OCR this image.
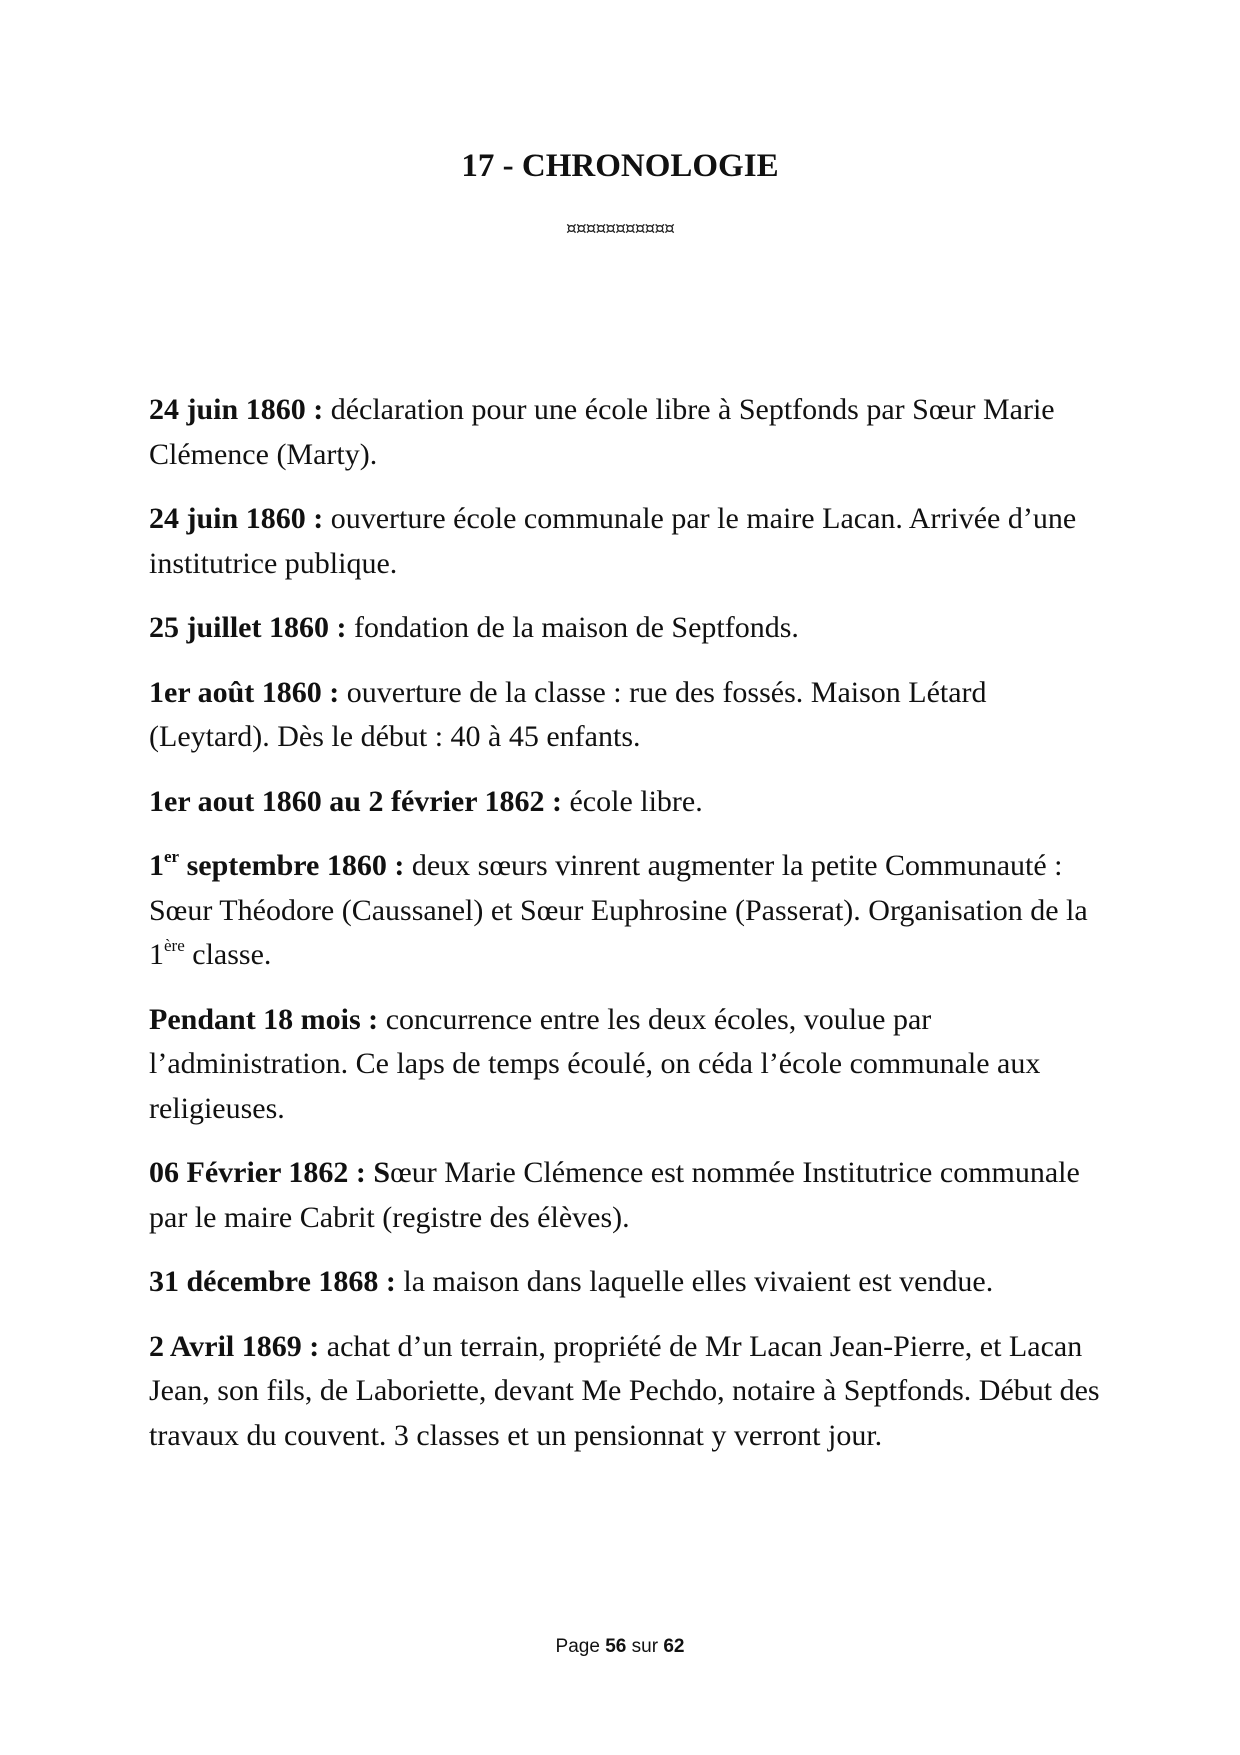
17 - CHRONOLOGIE
¤¤¤¤¤¤¤¤¤¤¤

24 juin 1860 : déclaration pour une école libre à Septfonds par Sœur Marie Clémence (Marty).

24 juin 1860 : ouverture école communale par le maire Lacan. Arrivée d’une institutrice publique.

25 juillet 1860 : fondation de la maison de Septfonds.

1er août 1860 : ouverture de la classe : rue des fossés. Maison Létard (Leytard). Dès le début : 40 à 45 enfants.

1er aout 1860 au 2 février 1862 : école libre.

1er septembre 1860 : deux sœurs vinrent augmenter la petite Communauté : Sœur Théodore (Caussanel) et Sœur Euphrosine (Passerat). Organisation de la 1ère classe.

Pendant 18 mois : concurrence entre les deux écoles, voulue par l’administration. Ce laps de temps écoulé, on céda l’école communale aux religieuses.

06 Février 1862 : Sœur Marie Clémence est nommée Institutrice communale par le maire Cabrit (registre des élèves).

31 décembre 1868 : la maison dans laquelle elles vivaient est vendue.

2 Avril 1869 : achat d’un terrain, propriété de Mr Lacan Jean-Pierre, et Lacan Jean, son fils, de Laboriette, devant Me Pechdo, notaire à Septfonds. Début des travaux du couvent. 3 classes et un pensionnat y verront jour.

Page 56 sur 62
